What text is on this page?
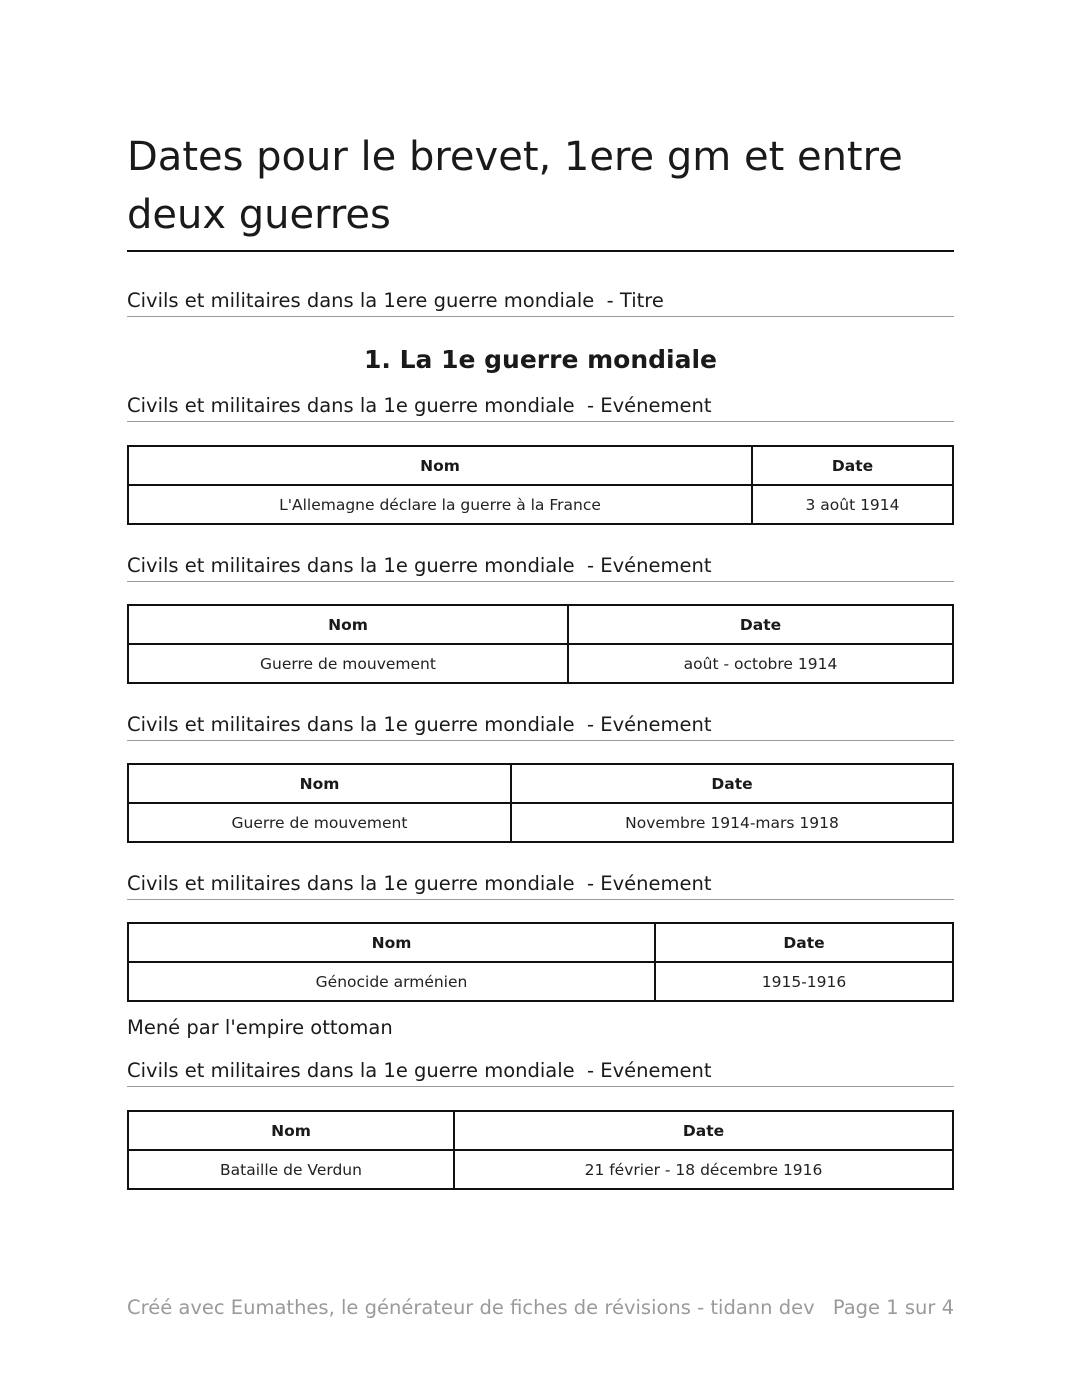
Dates pour le brevet, 1ere gm et entre deux guerres
Civils et militaires dans la 1ere guerre mondiale  - Titre
1. La 1e guerre mondiale
Civils et militaires dans la 1e guerre mondiale  - Evénement
Nom	Date
L'Allemagne déclare la guerre à la France	3 août 1914
Civils et militaires dans la 1e guerre mondiale  - Evénement
Nom	Date
Guerre de mouvement	août - octobre 1914
Civils et militaires dans la 1e guerre mondiale  - Evénement
Nom	Date
Guerre de mouvement	Novembre 1914-mars 1918
Civils et militaires dans la 1e guerre mondiale  - Evénement
Nom	Date
Génocide arménien	1915-1916
Mené par l'empire ottoman
Civils et militaires dans la 1e guerre mondiale  - Evénement
Nom	Date
Bataille de Verdun	21 février - 18 décembre 1916
Créé avec Eumathes, le générateur de fiches de révisions - tidann dev Page 1 sur 4
